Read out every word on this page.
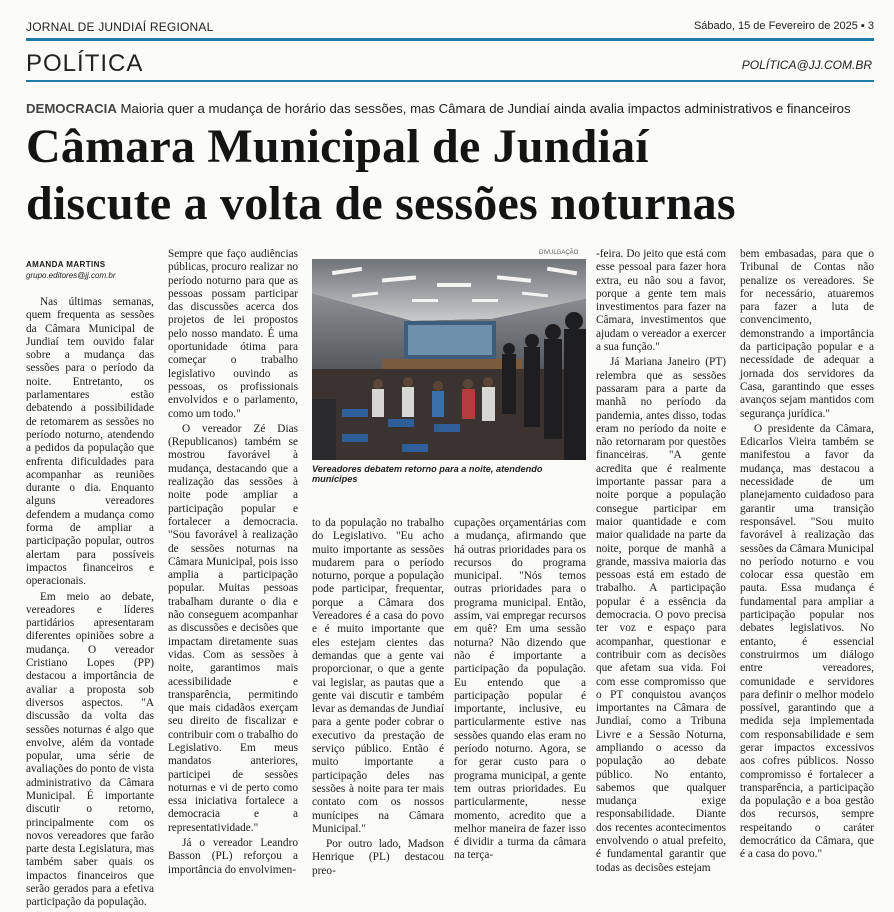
JORNAL DE JUNDIAÍ REGIONAL	Sábado, 15 de Fevereiro de 2025 ▪ 3
POLÍTICA	POLÍTICA@JJ.COM.BR
DEMOCRACIA Maioria quer a mudança de horário das sessões, mas Câmara de Jundiaí ainda avalia impactos administrativos e financeiros
Câmara Municipal de Jundiaí
discute a volta de sessões noturnas
AMANDA MARTINS
grupo.editores@jj.com.br

Nas últimas semanas, quem frequenta as sessões da Câmara Municipal de Jundiaí tem ouvido falar sobre a mudança das sessões para o período da noite. Entretanto, os parlamentares estão debatendo a possibilidade de retomarem as sessões no período noturno, atendendo a pedidos da população que enfrenta dificuldades para acompanhar as reuniões durante o dia. Enquanto alguns vereadores defendem a mudança como forma de ampliar a participação popular, outros alertam para possíveis impactos financeiros e operacionais.

Em meio ao debate, vereadores e líderes partidários apresentaram diferentes opiniões sobre a mudança. O vereador Cristiano Lopes (PP) destacou a importância de avaliar a proposta sob diversos aspectos. "A discussão da volta das sessões noturnas é algo que envolve, além da vontade popular, uma série de avaliações do ponto de vista administrativo da Câmara Municipal. É importante discutir o retorno, principalmente com os novos vereadores que farão parte desta Legislatura, mas também saber quais os impactos financeiros que serão gerados para a efetiva participação da população.

Sempre que faço audiências públicas, procuro realizar no período noturno para que as pessoas possam participar das discussões acerca dos projetos de lei propostos pelo nosso mandato. É uma oportunidade ótima para começar o trabalho legislativo ouvindo as pessoas, os profissionais envolvidos e o parlamento, como um todo."

O vereador Zé Dias (Republicanos) também se mostrou favorável à mudança, destacando que a realização das sessões à noite pode ampliar a participação popular e fortalecer a democracia. "Sou favorável à realização de sessões noturnas na Câmara Municipal, pois isso amplia a participação popular. Muitas pessoas trabalham durante o dia e não conseguem acompanhar as discussões e decisões que impactam diretamente suas vidas. Com as sessões à noite, garantimos mais acessibilidade e transparência, permitindo que mais cidadãos exerçam seu direito de fiscalizar e contribuir com o trabalho do Legislativo. Em meus mandatos anteriores, participei de sessões noturnas e vi de perto como essa iniciativa fortalece a democracia e a representatividade."

Já o vereador Leandro Basson (PL) reforçou a importância do envolvimen-

DIVULGAÇÃO
Vereadores debatem retorno para a noite, atendendo munícipes

to da população no trabalho do Legislativo. "Eu acho muito importante as sessões mudarem para o período noturno, porque a população pode participar, frequentar, porque a Câmara dos Vereadores é a casa do povo e é muito importante que eles estejam cientes das demandas que a gente vai proporcionar, o que a gente vai legislar, as pautas que a gente vai discutir e também levar as demandas de Jundiaí para a gente poder cobrar o executivo da prestação de serviço público. Então é muito importante a participação deles nas sessões à noite para ter mais contato com os nossos munícipes na Câmara Municipal."

Por outro lado, Madson Henrique (PL) destacou preo-

cupações orçamentárias com a mudança, afirmando que há outras prioridades para os recursos do programa municipal. "Nós temos outras prioridades para o programa municipal. Então, assim, vai empregar recursos em quê? Em uma sessão noturna? Não dizendo que não é importante a participação da população. Eu entendo que a participação popular é importante, inclusive, eu particularmente estive nas sessões quando elas eram no período noturno. Agora, se for gerar custo para o programa municipal, a gente tem outras prioridades. Eu particularmente, nesse momento, acredito que a melhor maneira de fazer isso é dividir a turma da câmara na terça-

-feira. Do jeito que está com esse pessoal para fazer hora extra, eu não sou a favor, porque a gente tem mais investimentos para fazer na Câmara, investimentos que ajudam o vereador a exercer a sua função."

Já Mariana Janeiro (PT) relembra que as sessões passaram para a parte da manhã no período da pandemia, antes disso, todas eram no período da noite e não retornaram por questões financeiras. "A gente acredita que é realmente importante passar para a noite porque a população consegue participar em maior quantidade e com maior qualidade na parte da noite, porque de manhã a grande, massiva maioria das pessoas está em estado de trabalho. A participação popular é a essência da democracia. O povo precisa ter voz e espaço para acompanhar, questionar e contribuir com as decisões que afetam sua vida. Foi com esse compromisso que o PT conquistou avanços importantes na Câmara de Jundiaí, como a Tribuna Livre e a Sessão Noturna, ampliando o acesso da população ao debate público. No entanto, sabemos que qualquer mudança exige responsabilidade. Diante dos recentes acontecimentos envolvendo o atual prefeito, é fundamental garantir que todas as decisões estejam

bem embasadas, para que o Tribunal de Contas não penalize os vereadores. Se for necessário, atuaremos para fazer a luta de convencimento, demonstrando a importância da participação popular e a necessidade de adequar a jornada dos servidores da Casa, garantindo que esses avanços sejam mantidos com segurança jurídica."

O presidente da Câmara, Edicarlos Vieira também se manifestou a favor da mudança, mas destacou a necessidade de um planejamento cuidadoso para garantir uma transição responsável. "Sou muito favorável à realização das sessões da Câmara Municipal no período noturno e vou colocar essa questão em pauta. Essa mudança é fundamental para ampliar a participação popular nos debates legislativos. No entanto, é essencial construirmos um diálogo entre vereadores, comunidade e servidores para definir o melhor modelo possível, garantindo que a medida seja implementada com responsabilidade e sem gerar impactos excessivos aos cofres públicos. Nosso compromisso é fortalecer a transparência, a participação da população e a boa gestão dos recursos, sempre respeitando o caráter democrático da Câmara, que é a casa do povo."
